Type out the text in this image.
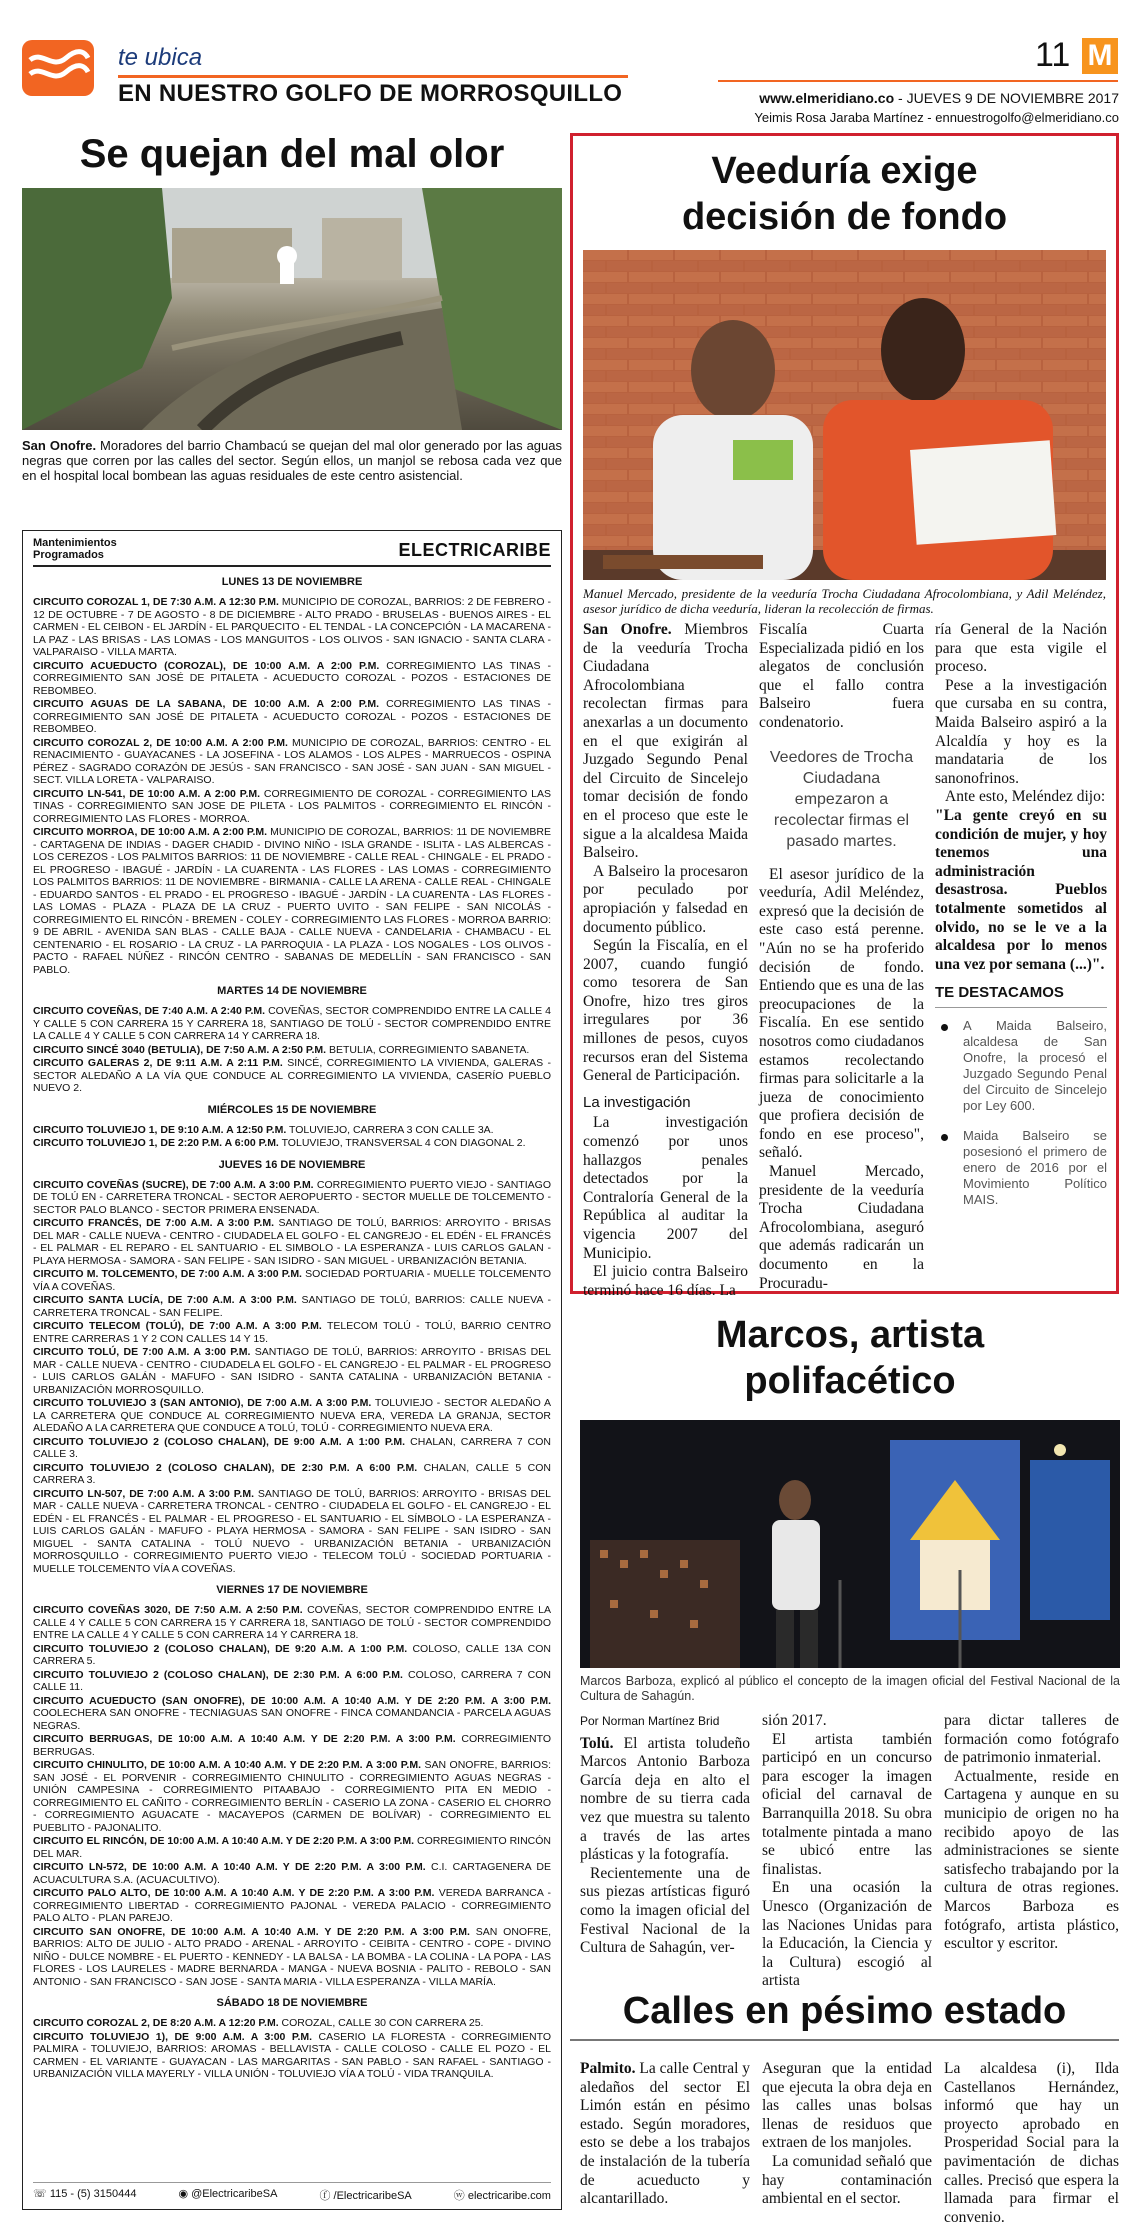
te ubica
EN NUESTRO GOLFO DE MORROSQUILLO
11 M
www.elmeridiano.co - JUEVES 9 DE NOVIEMBRE 2017
Yeimis Rosa Jaraba Martínez - ennuestrogolfo@elmeridiano.co
Se quejan del mal olor
San Onofre. Moradores del barrio Chambacú se quejan del mal olor generado por las aguas negras que corren por las calles del sector. Según ellos, un manjol se rebosa cada vez que en el hospital local bombean las aguas residuales de este centro asistencial.
Mantenimientos Programados	ELECTRICARIBE
LUNES 13 DE NOVIEMBRE

CIRCUITO COROZAL 1, DE 7:30 A.M. A 12:30 P.M. MUNICIPIO DE COROZAL, BARRIOS: 2 DE FEBRERO - 12 DE OCTUBRE - 7 DE AGOSTO - 8 DE DICIEMBRE - ALTO PRADO - BRUSELAS - BUENOS AIRES - EL CARMEN - EL CEIBON - EL JARDÍN - EL PARQUECITO - EL TENDAL - LA CONCEPCIÓN - LA MACARENA - LA PAZ - LAS BRISAS - LAS LOMAS - LOS MANGUITOS - LOS OLIVOS - SAN IGNACIO - SANTA CLARA - VALPARAISO - VILLA MARTA.

CIRCUITO ACUEDUCTO (COROZAL), DE 10:00 A.M. A 2:00 P.M. CORREGIMIENTO LAS TINAS - CORREGIMIENTO SAN JOSÉ DE PITALETA - ACUEDUCTO COROZAL - POZOS - ESTACIONES DE REBOMBEO.

CIRCUITO AGUAS DE LA SABANA, DE 10:00 A.M. A 2:00 P.M. CORREGIMIENTO LAS TINAS - CORREGIMIENTO SAN JOSÉ DE PITALETA - ACUEDUCTO COROZAL - POZOS - ESTACIONES DE REBOMBEO.

CIRCUITO COROZAL 2, DE 10:00 A.M. A 2:00 P.M. MUNICIPIO DE COROZAL, BARRIOS: CENTRO - EL RENACIMIENTO - GUAYACANES - LA JOSEFINA - LOS ALAMOS - LOS ALPES - MARRUECOS - OSPINA PÉREZ - SAGRADO CORAZÓN DE JESÚS - SAN FRANCISCO - SAN JOSÉ - SAN JUAN - SAN MIGUEL - SECT. VILLA LORETA - VALPARAISO.

CIRCUITO LN-541, DE 10:00 A.M. A 2:00 P.M. CORREGIMIENTO DE COROZAL - CORREGIMIENTO LAS TINAS - CORREGIMIENTO SAN JOSE DE PILETA - LOS PALMITOS - CORREGIMIENTO EL RINCÓN - CORREGIMIENTO LAS FLORES - MORROA.

CIRCUITO MORROA, DE 10:00 A.M. A 2:00 P.M. MUNICIPIO DE COROZAL, BARRIOS: 11 DE NOVIEMBRE - CARTAGENA DE INDIAS - DAGER CHADID - DIVINO NIÑO - ISLA GRANDE - ISLITA - LAS ALBERCAS - LOS CEREZOS - LOS PALMITOS BARRIOS: 11 DE NOVIEMBRE - CALLE REAL - CHINGALE - EL PRADO - EL PROGRESO - IBAGUÉ - JARDÍN - LA CUARENTA - LAS FLORES - LAS LOMAS - CORREGIMIENTO LOS PALMITOS BARRIOS: 11 DE NOVIEMBRE - BIRMANIA - CALLE LA ARENA - CALLE REAL - CHINGALE - EDUARDO SANTOS - EL PRADO - EL PROGRESO - IBAGUÉ - JARDÍN - LA CUARENTA - LAS FLORES - LAS LOMAS - PLAZA - PLAZA DE LA CRUZ - PUERTO UVITO - SAN FELIPE - SAN NICOLÁS - CORREGIMIENTO EL RINCÓN - BREMEN - COLEY - CORREGIMIENTO LAS FLORES - MORROA BARRIO: 9 DE ABRIL - AVENIDA SAN BLAS - CALLE BAJA - CALLE NUEVA - CANDELARIA - CHAMBACU - EL CENTENARIO - EL ROSARIO - LA CRUZ - LA PARROQUIA - LA PLAZA - LOS NOGALES - LOS OLIVOS - PACTO - RAFAEL NÚÑEZ - RINCÓN CENTRO - SABANAS DE MEDELLÍN - SAN FRANCISCO - SAN PABLO.

MARTES 14 DE NOVIEMBRE

CIRCUITO COVEÑAS, DE 7:40 A.M. A 2:40 P.M. COVEÑAS, SECTOR COMPRENDIDO ENTRE LA CALLE 4 Y CALLE 5 CON CARRERA 15 Y CARRERA 18, SANTIAGO DE TOLÚ - SECTOR COMPRENDIDO ENTRE LA CALLE 4 Y CALLE 5 CON CARRERA 14 Y CARRERA 18.

CIRCUITO SINCÉ 3040 (BETULIA), DE 7:50 A.M. A 2:50 P.M. BETULIA, CORREGIMIENTO SABANETA.

CIRCUITO GALERAS 2, DE 9:11 A.M. A 2:11 P.M. SINCÉ, CORREGIMIENTO LA VIVIENDA, GALERAS - SECTOR ALEDAÑO A LA VÍA QUE CONDUCE AL CORREGIMIENTO LA VIVIENDA, CASERÍO PUEBLO NUEVO 2.

MIÉRCOLES 15 DE NOVIEMBRE

CIRCUITO TOLUVIEJO 1, DE 9:10 A.M. A 12:50 P.M. TOLUVIEJO, CARRERA 3 CON CALLE 3A.

CIRCUITO TOLUVIEJO 1, DE 2:20 P.M. A 6:00 P.M. TOLUVIEJO, TRANSVERSAL 4 CON DIAGONAL 2.

JUEVES 16 DE NOVIEMBRE

CIRCUITO COVEÑAS (SUCRE), DE 7:00 A.M. A 3:00 P.M. CORREGIMIENTO PUERTO VIEJO - SANTIAGO DE TOLÚ EN - CARRETERA TRONCAL - SECTOR AEROPUERTO - SECTOR MUELLE DE TOLCEMENTO - SECTOR PALO BLANCO - SECTOR PRIMERA ENSENADA.

CIRCUITO FRANCÉS, DE 7:00 A.M. A 3:00 P.M. SANTIAGO DE TOLÚ, BARRIOS: ARROYITO - BRISAS DEL MAR - CALLE NUEVA - CENTRO - CIUDADELA EL GOLFO - EL CANGREJO - EL EDÉN - EL FRANCÉS - EL PALMAR - EL REPARO - EL SANTUARIO - EL SIMBOLO - LA ESPERANZA - LUIS CARLOS GALAN - PLAYA HERMOSA - SAMORA - SAN FELIPE - SAN ISIDRO - SAN MIGUEL - URBANIZACIÓN BETANIA.

CIRCUITO M. TOLCEMENTO, DE 7:00 A.M. A 3:00 P.M. SOCIEDAD PORTUARIA - MUELLE TOLCEMENTO VÍA A COVEÑAS.

CIRCUITO SANTA LUCÍA, DE 7:00 A.M. A 3:00 P.M. SANTIAGO DE TOLÚ, BARRIOS: CALLE NUEVA - CARRETERA TRONCAL - SAN FELIPE.

CIRCUITO TELECOM (TOLÚ), DE 7:00 A.M. A 3:00 P.M. TELECOM TOLÚ - TOLÚ, BARRIO CENTRO ENTRE CARRERAS 1 Y 2 CON CALLES 14 Y 15.

CIRCUITO TOLÚ, DE 7:00 A.M. A 3:00 P.M. SANTIAGO DE TOLÚ, BARRIOS: ARROYITO - BRISAS DEL MAR - CALLE NUEVA - CENTRO - CIUDADELA EL GOLFO - EL CANGREJO - EL PALMAR - EL PROGRESO - LUIS CARLOS GALÁN - MAFUFO - SAN ISIDRO - SANTA CATALINA - URBANIZACIÓN BETANIA - URBANIZACIÓN MORROSQUILLO.

CIRCUITO TOLUVIEJO 3 (SAN ANTONIO), DE 7:00 A.M. A 3:00 P.M. TOLUVIEJO - SECTOR ALEDAÑO A LA CARRETERA QUE CONDUCE AL CORREGIMIENTO NUEVA ERA, VEREDA LA GRANJA, SECTOR ALEDAÑO A LA CARRETERA QUE CONDUCE A TOLÚ, TOLÚ - CORREGIMIENTO NUEVA ERA.

CIRCUITO TOLUVIEJO 2 (COLOSO CHALAN), DE 9:00 A.M. A 1:00 P.M. CHALAN, CARRERA 7 CON CALLE 3.

CIRCUITO TOLUVIEJO 2 (COLOSO CHALAN), DE 2:30 P.M. A 6:00 P.M. CHALAN, CALLE 5 CON CARRERA 3.

CIRCUITO LN-507, DE 7:00 A.M. A 3:00 P.M. SANTIAGO DE TOLÚ, BARRIOS: ARROYITO - BRISAS DEL MAR - CALLE NUEVA - CARRETERA TRONCAL - CENTRO - CIUDADELA EL GOLFO - EL CANGREJO - EL EDÉN - EL FRANCÉS - EL PALMAR - EL PROGRESO - EL SANTUARIO - EL SÍMBOLO - LA ESPERANZA - LUIS CARLOS GALÁN - MAFUFO - PLAYA HERMOSA - SAMORA - SAN FELIPE - SAN ISIDRO - SAN MIGUEL - SANTA CATALINA - TOLÚ NUEVO - URBANIZACIÓN BETANIA - URBANIZACIÓN MORROSQUILLO - CORREGIMIENTO PUERTO VIEJO - TELECOM TOLÚ - SOCIEDAD PORTUARIA - MUELLE TOLCEMENTO VÍA A COVEÑAS.

VIERNES 17 DE NOVIEMBRE

CIRCUITO COVEÑAS 3020, DE 7:50 A.M. A 2:50 P.M. COVEÑAS, SECTOR COMPRENDIDO ENTRE LA CALLE 4 Y CALLE 5 CON CARRERA 15 Y CARRERA 18, SANTIAGO DE TOLÚ - SECTOR COMPRENDIDO ENTRE LA CALLE 4 Y CALLE 5 CON CARRERA 14 Y CARRERA 18.

CIRCUITO TOLUVIEJO 2 (COLOSO CHALAN), DE 9:20 A.M. A 1:00 P.M. COLOSO, CALLE 13A CON CARRERA 5.

CIRCUITO TOLUVIEJO 2 (COLOSO CHALAN), DE 2:30 P.M. A 6:00 P.M. COLOSO, CARRERA 7 CON CALLE 11.

CIRCUITO ACUEDUCTO (SAN ONOFRE), DE 10:00 A.M. A 10:40 A.M. Y DE 2:20 P.M. A 3:00 P.M. COOLECHERA SAN ONOFRE - TECNIAGUAS SAN ONOFRE - FINCA COMANDANCIA - PARCELA AGUAS NEGRAS.

CIRCUITO BERRUGAS, DE 10:00 A.M. A 10:40 A.M. Y DE 2:20 P.M. A 3:00 P.M. CORREGIMIENTO BERRUGAS.

CIRCUITO CHINULITO, DE 10:00 A.M. A 10:40 A.M. Y DE 2:20 P.M. A 3:00 P.M. SAN ONOFRE, BARRIOS: SAN JOSÉ - EL PORVENIR - CORREGIMIENTO CHINULITO - CORREGIMIENTO AGUAS NEGRAS - UNIÓN CAMPESINA - CORREGIMIENTO PITAABAJO - CORREGIMIENTO PITA EN MEDIO - CORREGIMIENTO EL CAÑITO - CORREGIMIENTO BERLÍN - CASERIO LA ZONA - CASERIO EL CHORRO - CORREGIMIENTO AGUACATE - MACAYEPOS (CARMEN DE BOLÍVAR) - CORREGIMIENTO EL PUEBLITO - PAJONALITO.

CIRCUITO EL RINCÓN, DE 10:00 A.M. A 10:40 A.M. Y DE 2:20 P.M. A 3:00 P.M. CORREGIMIENTO RINCÓN DEL MAR.

CIRCUITO LN-572, DE 10:00 A.M. A 10:40 A.M. Y DE 2:20 P.M. A 3:00 P.M. C.I. CARTAGENERA DE ACUACULTURA S.A. (ACUACULTIVO).

CIRCUITO PALO ALTO, DE 10:00 A.M. A 10:40 A.M. Y DE 2:20 P.M. A 3:00 P.M. VEREDA BARRANCA - CORREGIMIENTO LIBERTAD - CORREGIMIENTO PAJONAL - VEREDA PALACIO - CORREGIMIENTO PALO ALTO - PLAN PAREJO.

CIRCUITO SAN ONOFRE, DE 10:00 A.M. A 10:40 A.M. Y DE 2:20 P.M. A 3:00 P.M. SAN ONOFRE, BARRIOS: ALTO DE JULIO - ALTO PRADO - ARENAL - ARROYITO - CEIBITA - CENTRO - COPE - DIVINO NIÑO - DULCE NOMBRE - EL PUERTO - KENNEDY - LA BALSA - LA BOMBA - LA COLINA - LA POPA - LAS FLORES - LOS LAURELES - MADRE BERNARDA - MANGA - NUEVA BOSNIA - PALITO - REBOLO - SAN ANTONIO - SAN FRANCISCO - SAN JOSE - SANTA MARIA - VILLA ESPERANZA - VILLA MARÍA.

SÁBADO 18 DE NOVIEMBRE

CIRCUITO COROZAL 2, DE 8:20 A.M. A 12:20 P.M. COROZAL, CALLE 30 CON CARRERA 25.

CIRCUITO TOLUVIEJO 1), DE 9:00 A.M. A 3:00 P.M. CASERIO LA FLORESTA - CORREGIMIENTO PALMIRA - TOLUVIEJO, BARRIOS: AROMAS - BELLAVISTA - CALLE COLOSO - CALLE EL POZO - EL CARMEN - EL VARIANTE - GUAYACAN - LAS MARGARITAS - SAN PABLO - SAN RAFAEL - SANTIAGO - URBANIZACIÓN VILLA MAYERLY - VILLA UNIÓN - TOLUVIEJO VÍA A TOLÚ - VIDA TRANQUILA.

☏ 115 - (5) 3150444	◉ @ElectricaribeSA	ⓕ /ElectricaribeSA	ⓦ electricaribe.com
Veeduría exige
decisión de fondo
Manuel Mercado, presidente de la veeduría Trocha Ciudadana Afrocolombiana, y Adil Meléndez, asesor jurídico de dicha veeduría, lideran la recolección de firmas.

San Onofre. Miembros de la veeduría Trocha Ciudadana Afrocolombiana recolectan firmas para anexarlas a un documento en el que exigirán al Juzgado Segundo Penal del Circuito de Sincelejo tomar decisión de fondo en el proceso que este le sigue a la alcaldesa Maida Balseiro.

A Balseiro la procesaron por peculado por apropiación y falsedad en documento público.

Según la Fiscalía, en el 2007, cuando fungió como tesorera de San Onofre, hizo tres giros irregulares por 36 millones de pesos, cuyos recursos eran del Sistema General de Participación.

La investigación

La investigación comenzó por unos hallazgos penales detectados por la Contraloría General de la República al auditar la vigencia 2007 del Municipio.

El juicio contra Balseiro terminó hace 16 días. La

Fiscalía Cuarta Especializada pidió en los alegatos de conclusión que el fallo contra Balseiro fuera condenatorio.

Veedores de Trocha Ciudadana empezaron a recolectar firmas el pasado martes.

El asesor jurídico de la veeduría, Adil Meléndez, expresó que la decisión de este caso está perenne. "Aún no se ha proferido decisión de fondo. Entiendo que es una de las preocupaciones de la Fiscalía. En ese sentido nosotros como ciudadanos estamos recolectando firmas para solicitarle a la jueza de conocimiento que profiera decisión de fondo en ese proceso", señaló.

Manuel Mercado, presidente de la veeduría Trocha Ciudadana Afrocolombiana, aseguró que además radicarán un documento en la Procuradu-

ría General de la Nación para que esta vigile el proceso.

Pese a la investigación que cursaba en su contra, Maida Balseiro aspiró a la Alcaldía y hoy es la mandataria de los sanonofrinos.

Ante esto, Meléndez dijo:

"La gente creyó en su condición de mujer, y hoy tenemos una administración desastrosa. Pueblos totalmente sometidos al olvido, no se le ve a la alcaldesa por lo menos una vez por semana (...)".

TE DESTACAMOS
A Maida Balseiro, alcaldesa de San Onofre, la procesó el Juzgado Segundo Penal del Circuito de Sincelejo por Ley 600.
Maida Balseiro se posesionó el primero de enero de 2016 por el Movimiento Político MAIS.
Marcos, artista
polifacético
Marcos Barboza, explicó al público el concepto de la imagen oficial del Festival Nacional de la Cultura de Sahagún.
Por Norman Martínez Brid

Tolú. El artista toludeño Marcos Antonio Barboza García deja en alto el nombre de su tierra cada vez que muestra su talento a través de las artes plásticas y la fotografía.

Recientemente una de sus piezas artísticas figuró como la imagen oficial del Festival Nacional de la Cultura de Sahagún, ver-

sión 2017.

El artista también participó en un concurso para escoger la imagen oficial del carnaval de Barranquilla 2018. Su obra totalmente pintada a mano se ubicó entre las finalistas.

En una ocasión la Unesco (Organización de las Naciones Unidas para la Educación, la Ciencia y la Cultura) escogió al artista

para dictar talleres de formación como fotógrafo de patrimonio inmaterial.

Actualmente, reside en Cartagena y aunque en su municipio de origen no ha recibido apoyo de las administraciones se siente satisfecho trabajando por la cultura de otras regiones. Marcos Barboza es fotógrafo, artista plástico, escultor y escritor.

Calles en pésimo estado

Palmito. La calle Central y aledaños del sector El Limón están en pésimo estado. Según moradores, esto se debe a los trabajos de instalación de la tubería de acueducto y alcantarillado.

Aseguran que la entidad que ejecuta la obra deja en las calles unas bolsas llenas de residuos que extraen de los manjoles.

La comunidad señaló que hay contaminación ambiental en el sector.

La alcaldesa (i), Ilda Castellanos Hernández, informó que hay un proyecto aprobado en Prosperidad Social para la pavimentación de dichas calles. Precisó que espera la llamada para firmar el convenio.
